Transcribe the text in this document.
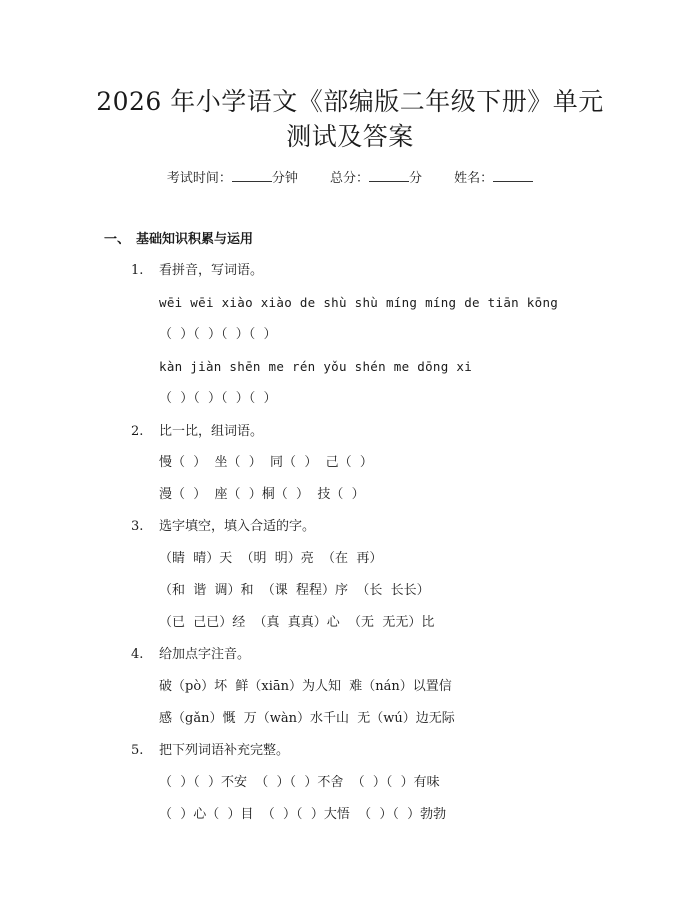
2026 年小学语文《部编版二年级下册》单元
测试及答案
考试时间：	分钟 总分：	分 姓名：
一、 基础知识积累与运用
1. 看拼音，写词语。
wēi wēi xiào xiào de shù shù míng míng de tiān kōng
（  ）（  ）（  ）（  ）
kàn jiàn shēn me rén yǒu shén me dōng xi
（  ）（  ）（  ）（  ）
2. 比一比，组词语。
慢（  ）  坐（  ）  同（  ）  己（  ）
漫（  ）  座（  ）桐（  ）  技（  ）
3. 选字填空，填入合适的字。
（睛  晴）天  （明  明）亮  （在  再）
（和  谐  调）和  （课  程程）序  （长  长长）
（已  己已）经  （真  真真）心  （无  无无）比
4. 给加点字注音。
破（pò）坏  鲜（xiān）为人知  难（nán）以置信
感（gǎn）慨  万（wàn）水千山  无（wú）边无际
5. 把下列词语补充完整。
（  ）（  ）不安  （  ）（  ）不舍  （  ）（  ）有味
（  ）心（  ）目  （  ）（  ）大悟  （  ）（  ）勃勃
